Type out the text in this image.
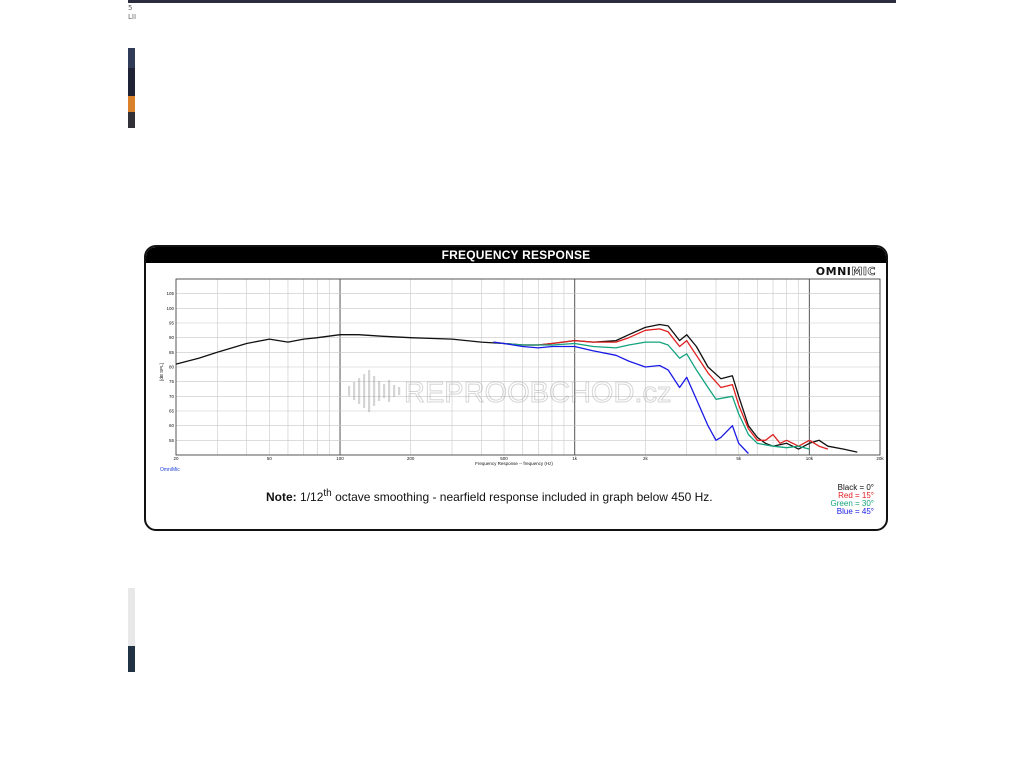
5
LII
FREQUENCY RESPONSE
OMNIMIC
REPROOBCHOD.cz
20	50	100	200	500	1k	2k	5k	10k	20k
55
60
65
70
75
80
85
90
95
100
105
Frequency Response -- frequency (Hz)
[dB SPL]
OmniMic
Note: 1/12th octave smoothing - nearfield response included in graph below 450 Hz.
Black = 0°
Red = 15°
Green = 30°
Blue = 45°
